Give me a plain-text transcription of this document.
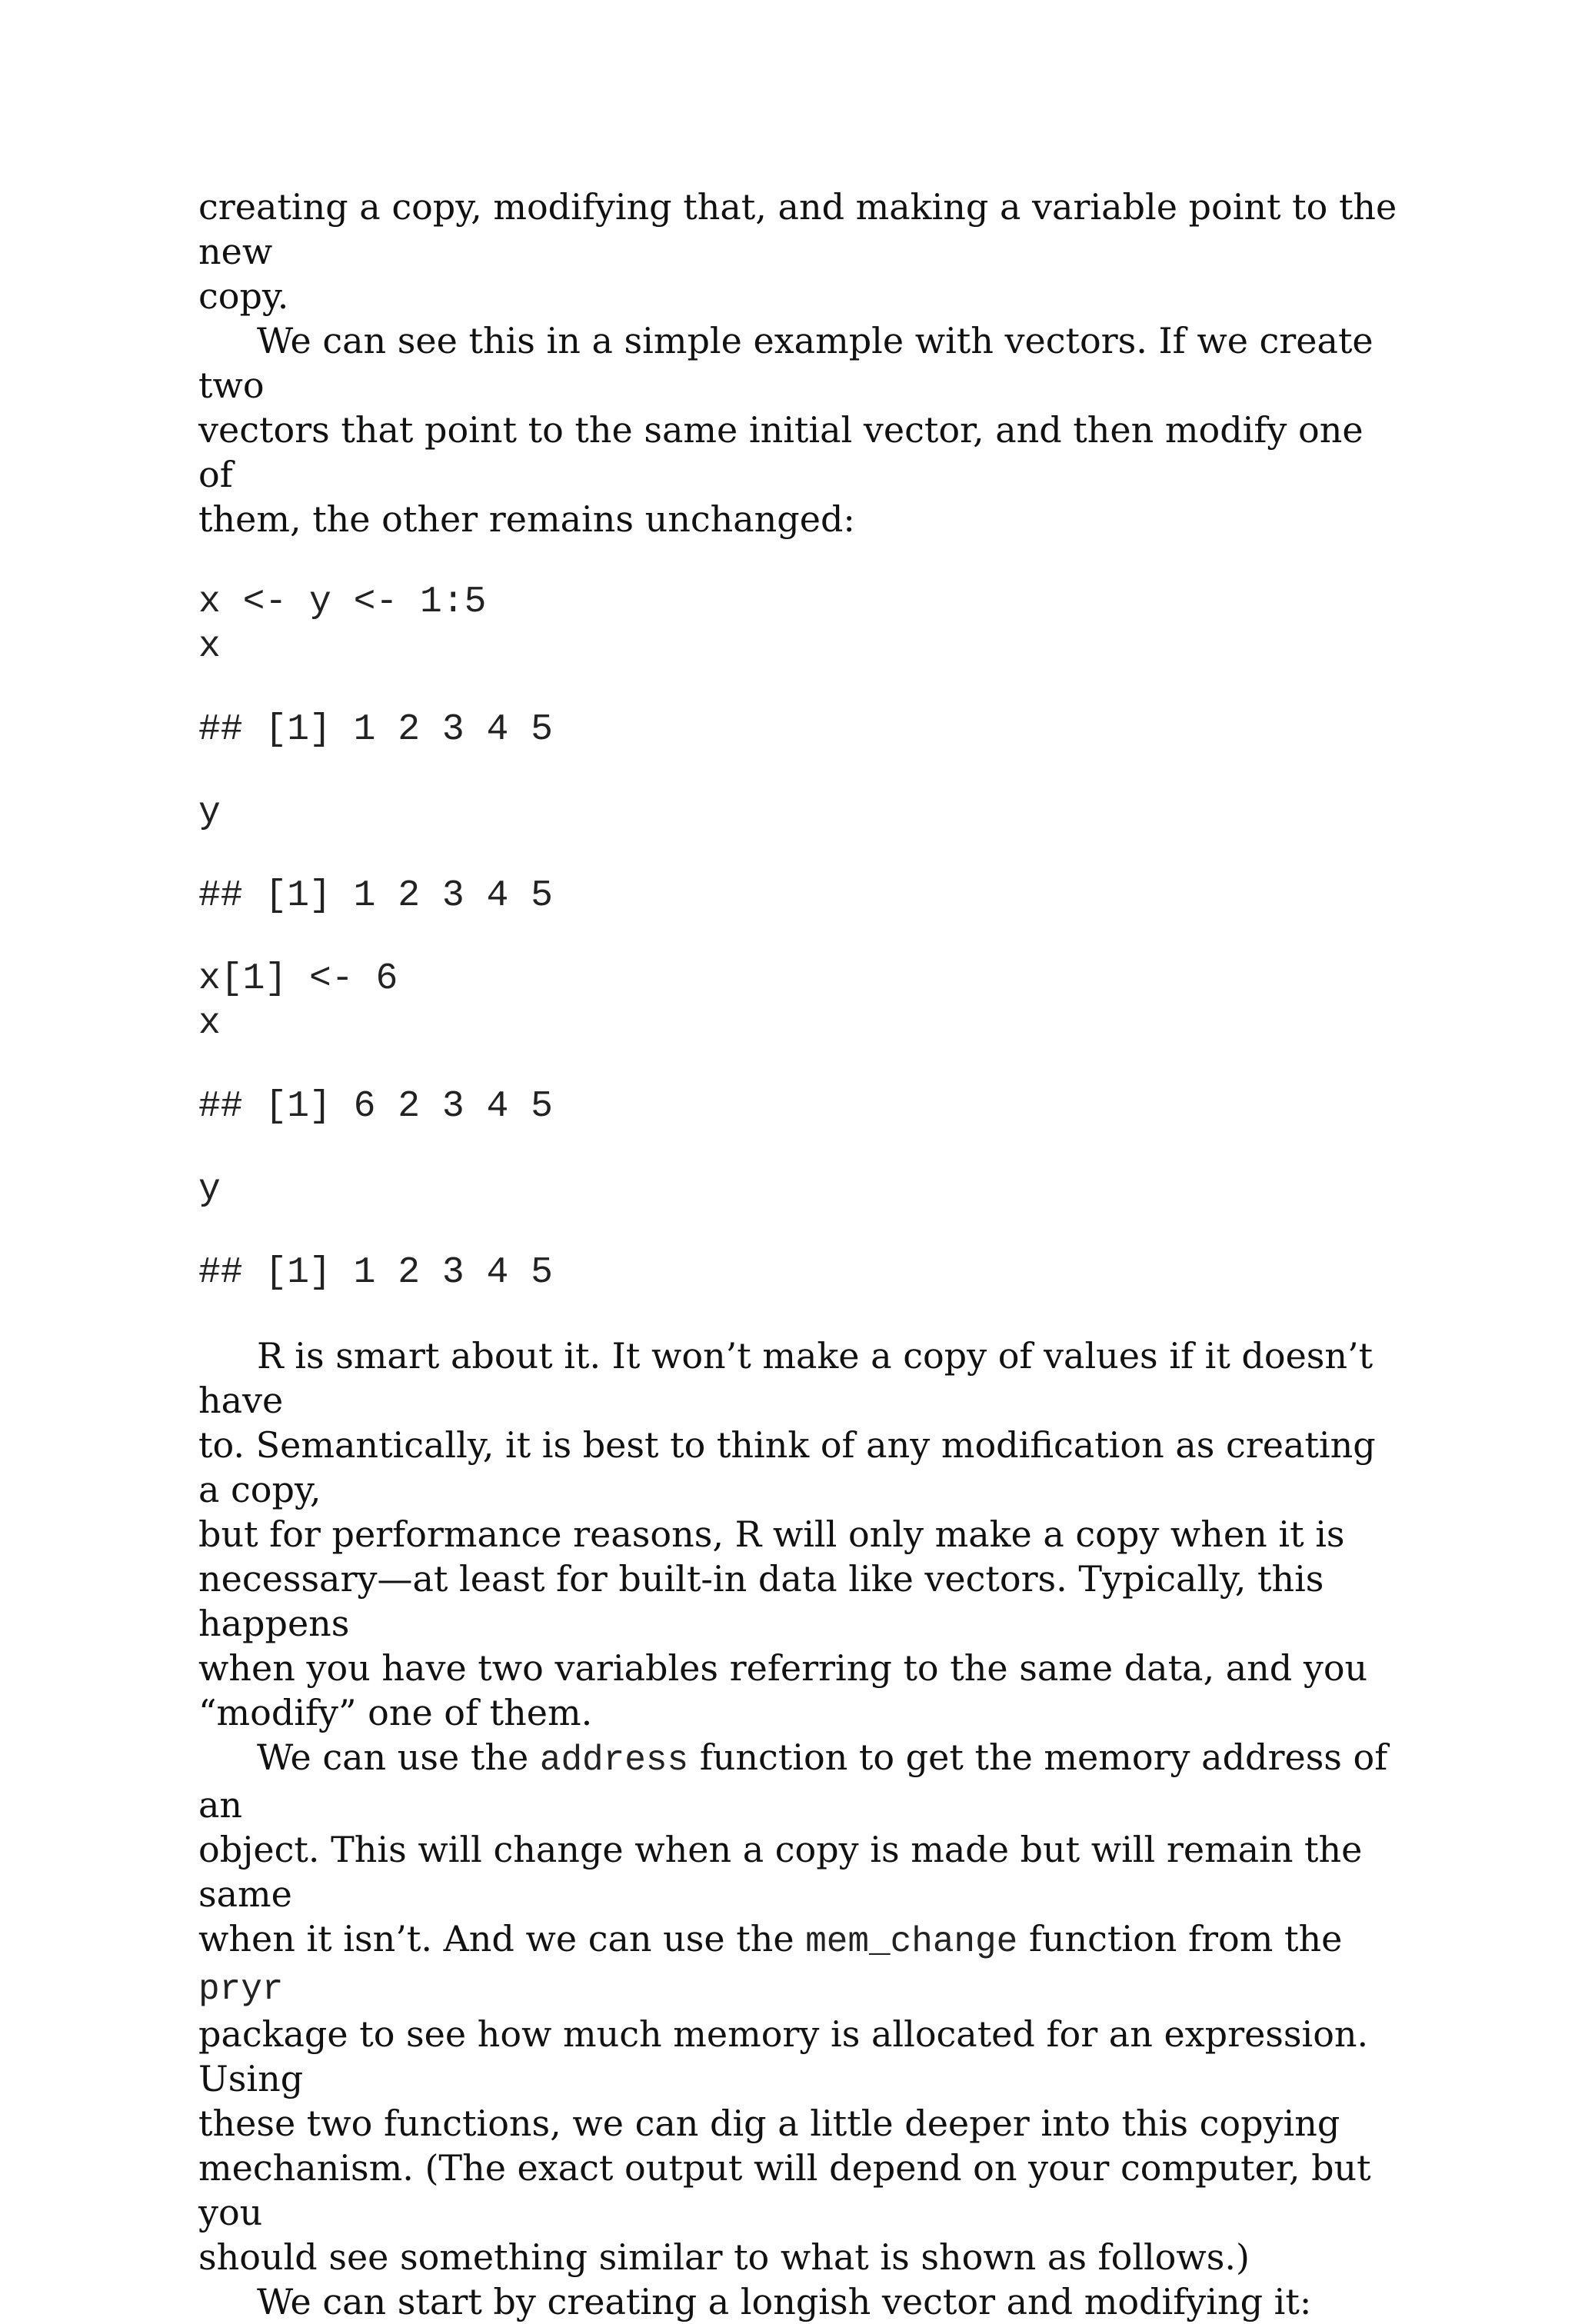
creating a copy, modifying that, and making a variable point to the new
copy.

We can see this in a simple example with vectors. If we create two
vectors that point to the same initial vector, and then modify one of
them, the other remains unchanged:

x <- y <- 1:5
x
## [1] 1 2 3 4 5
y
## [1] 1 2 3 4 5
x[1] <- 6
x
## [1] 6 2 3 4 5
y
## [1] 1 2 3 4 5

R is smart about it. It won’t make a copy of values if it doesn’t have
to. Semantically, it is best to think of any modification as creating a copy,
but for performance reasons, R will only make a copy when it is
necessary—at least for built-in data like vectors. Typically, this happens
when you have two variables referring to the same data, and you
“modify” one of them.

We can use the address function to get the memory address of an
object. This will change when a copy is made but will remain the same
when it isn’t. And we can use the mem_change function from the pryr
package to see how much memory is allocated for an expression. Using
these two functions, we can dig a little deeper into this copying
mechanism. (The exact output will depend on your computer, but you
should see something similar to what is shown as follows.)

We can start by creating a longish vector and modifying it:
